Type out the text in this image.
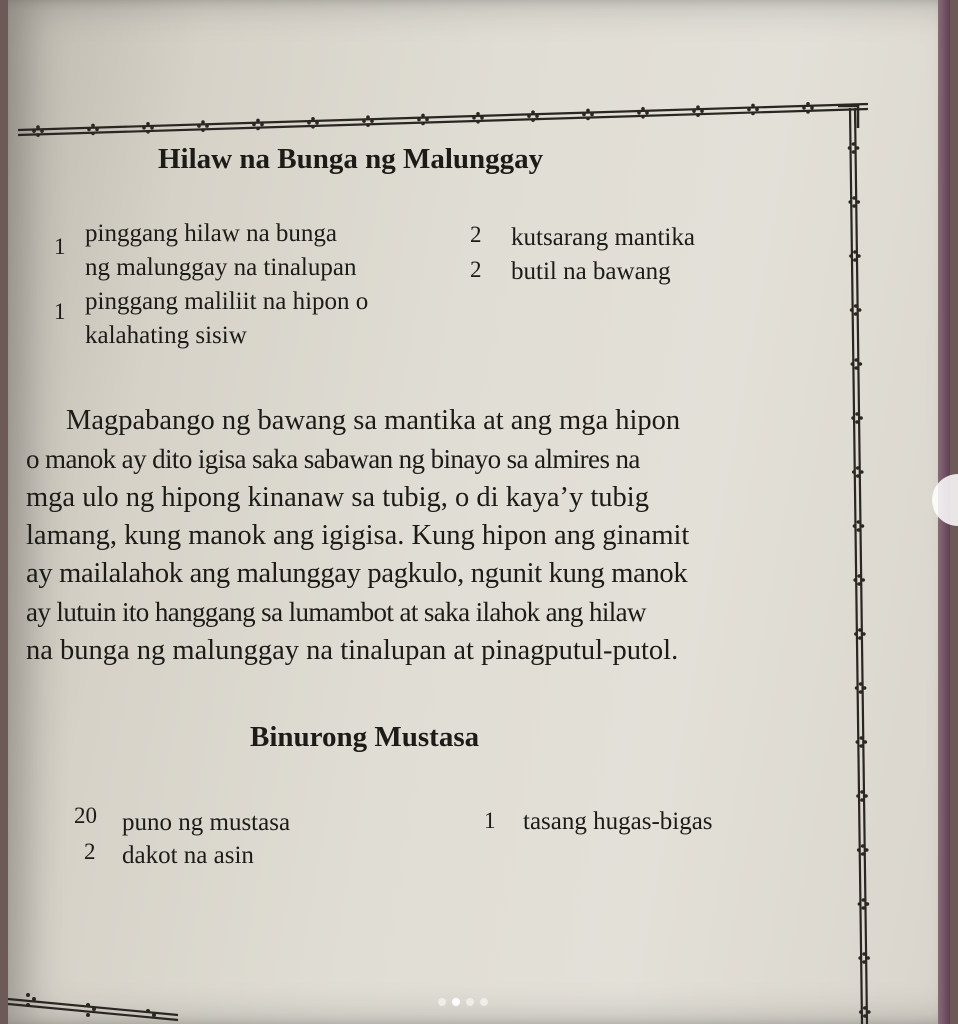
Hilaw na Bunga ng Malunggay
1 pinggang hilaw na bunga
ng malunggay na tinalupan
1 pinggang maliliit na hipon o
kalahating sisiw
2 kutsarang mantika
2 butil na bawang
Magpabango ng bawang sa mantika at ang mga hipon
o manok ay dito igisa saka sabawan ng binayo sa almires na
mga ulo ng hipong kinanaw sa tubig, o di kaya’y tubig
lamang, kung manok ang igigisa. Kung hipon ang ginamit
ay mailalahok ang malunggay pagkulo, ngunit kung manok
ay lutuin ito hanggang sa lumambot at saka ilahok ang hilaw
na bunga ng malunggay na tinalupan at pinagputul-putol.
Binurong Mustasa
20 puno ng mustasa
2 dakot na asin
1 tasang hugas-bigas
